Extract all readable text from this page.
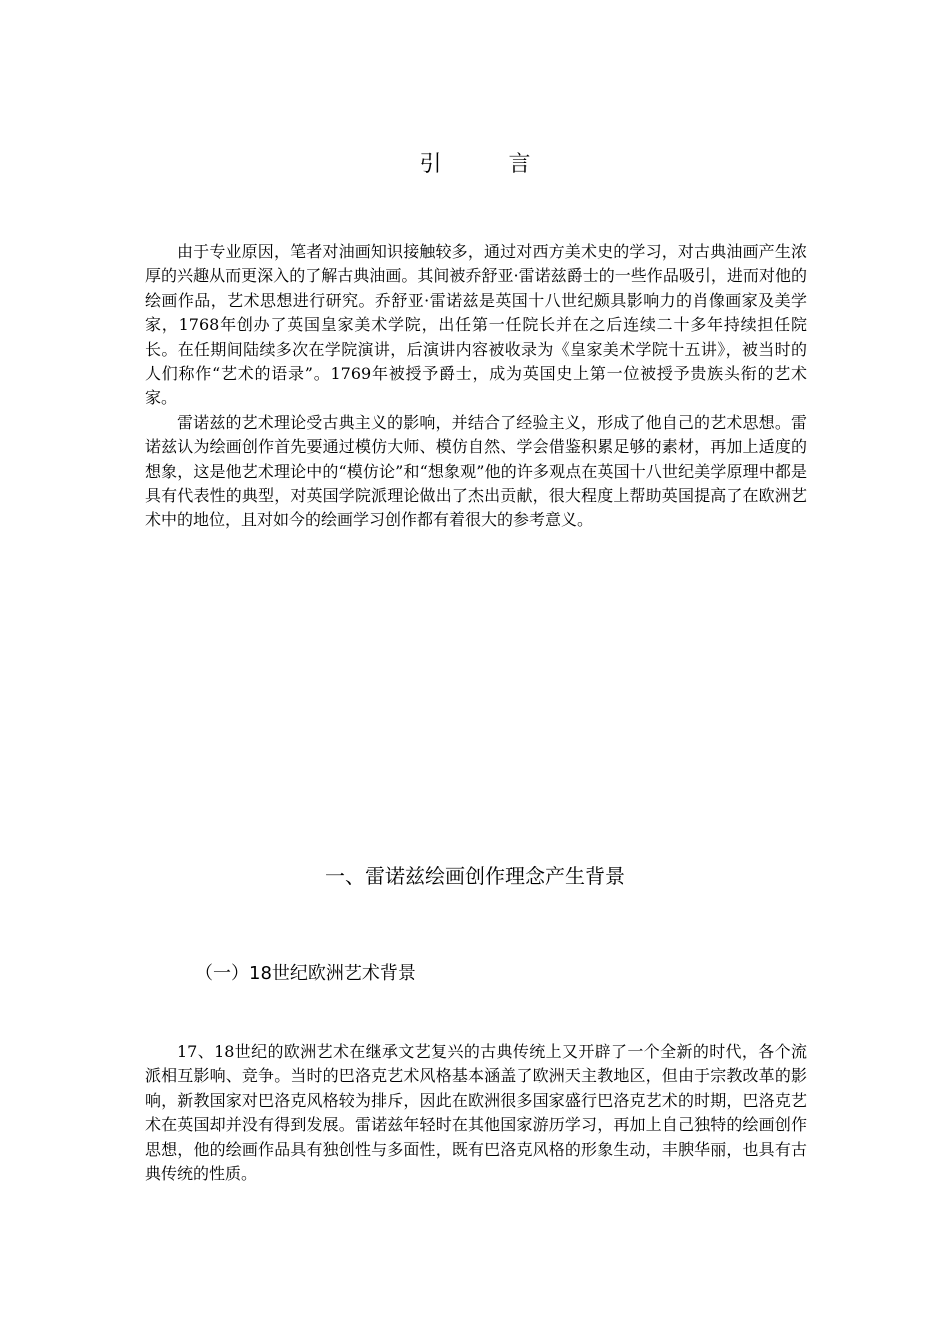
引 言

由于专业原因，笔者对油画知识接触较多，通过对西方美术史的学习，对古典油画产生浓厚的兴趣从而更深入的了解古典油画。其间被乔舒亚·雷诺兹爵士的一些作品吸引，进而对他的绘画作品，艺术思想进行研究。乔舒亚·雷诺兹是英国十八世纪颇具影响力的肖像画家及美学家，1768年创办了英国皇家美术学院，出任第一任院长并在之后连续二十多年持续担任院长。在任期间陆续多次在学院演讲，后演讲内容被收录为《皇家美术学院十五讲》，被当时的人们称作“艺术的语录”。1769年被授予爵士，成为英国史上第一位被授予贵族头衔的艺术家。

雷诺兹的艺术理论受古典主义的影响，并结合了经验主义，形成了他自己的艺术思想。雷诺兹认为绘画创作首先要通过模仿大师、模仿自然、学会借鉴积累足够的素材，再加上适度的想象，这是他艺术理论中的“模仿论”和“想象观”他的许多观点在英国十八世纪美学原理中都是具有代表性的典型，对英国学院派理论做出了杰出贡献，很大程度上帮助英国提高了在欧洲艺术中的地位，且对如今的绘画学习创作都有着很大的参考意义。

一、雷诺兹绘画创作理念产生背景
（一）18世纪欧洲艺术背景

17、18世纪的欧洲艺术在继承文艺复兴的古典传统上又开辟了一个全新的时代，各个流派相互影响、竞争。当时的巴洛克艺术风格基本涵盖了欧洲天主教地区，但由于宗教改革的影响，新教国家对巴洛克风格较为排斥，因此在欧洲很多国家盛行巴洛克艺术的时期，巴洛克艺术在英国却并没有得到发展。雷诺兹年轻时在其他国家游历学习，再加上自己独特的绘画创作思想，他的绘画作品具有独创性与多面性，既有巴洛克风格的形象生动，丰腴华丽，也具有古典传统的性质。
